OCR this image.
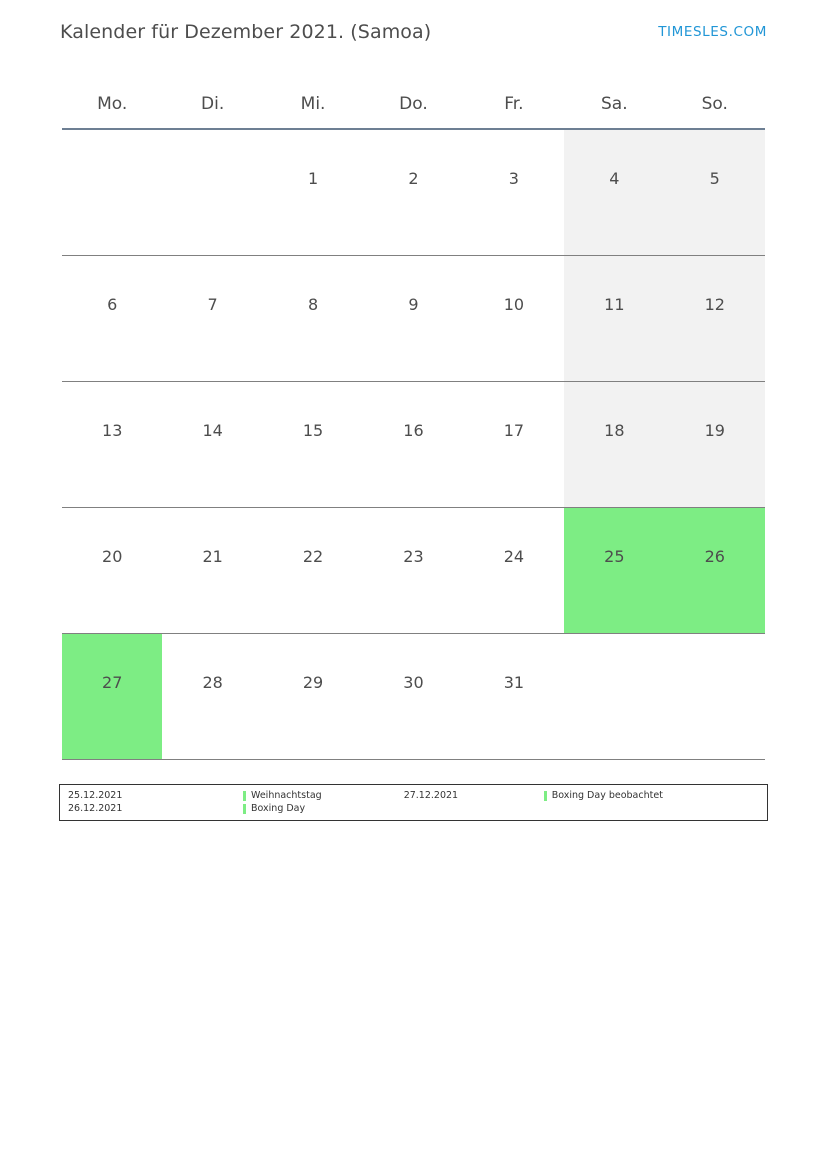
Kalender für Dezember 2021. (Samoa)	TIMESLES.COM
Mo.	Di.	Mi.	Do.	Fr.	Sa.	So.

		1	2	3	4	5

6	7	8	9	10	11	12

13	14	15	16	17	18	19

20	21	22	23	24	25	26

27	28	29	30	31		

25.12.2021	Weihnachtstag	27.12.2021	Boxing Day beobachtet
26.12.2021	Boxing Day
